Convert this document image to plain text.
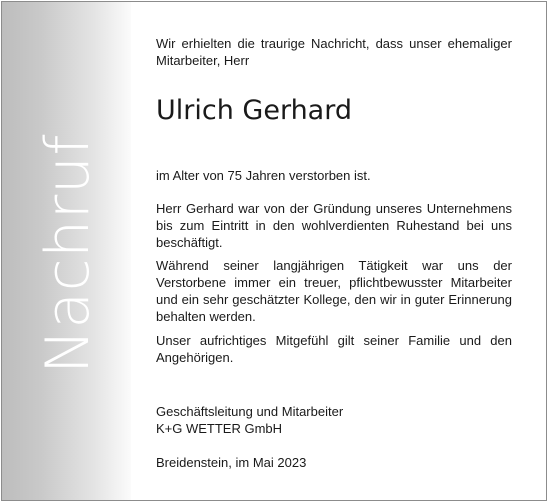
Nachruf

Wir erhielten die traurige Nachricht, dass unser ehemaliger Mitarbeiter, Herr

Ulrich Gerhard

im Alter von 75 Jahren verstorben ist.

Herr Gerhard war von der Gründung unseres Unternehmens bis zum Eintritt in den wohlverdienten Ruhestand bei uns beschäftigt.

Während seiner langjährigen Tätigkeit war uns der Verstorbene immer ein treuer, pflichtbewusster Mitarbeiter und ein sehr geschätzter Kollege, den wir in guter Erinnerung behalten werden.

Unser aufrichtiges Mitgefühl gilt seiner Familie und den Angehörigen.

Geschäftsleitung und Mitarbeiter

K+G WETTER GmbH

Breidenstein, im Mai 2023
